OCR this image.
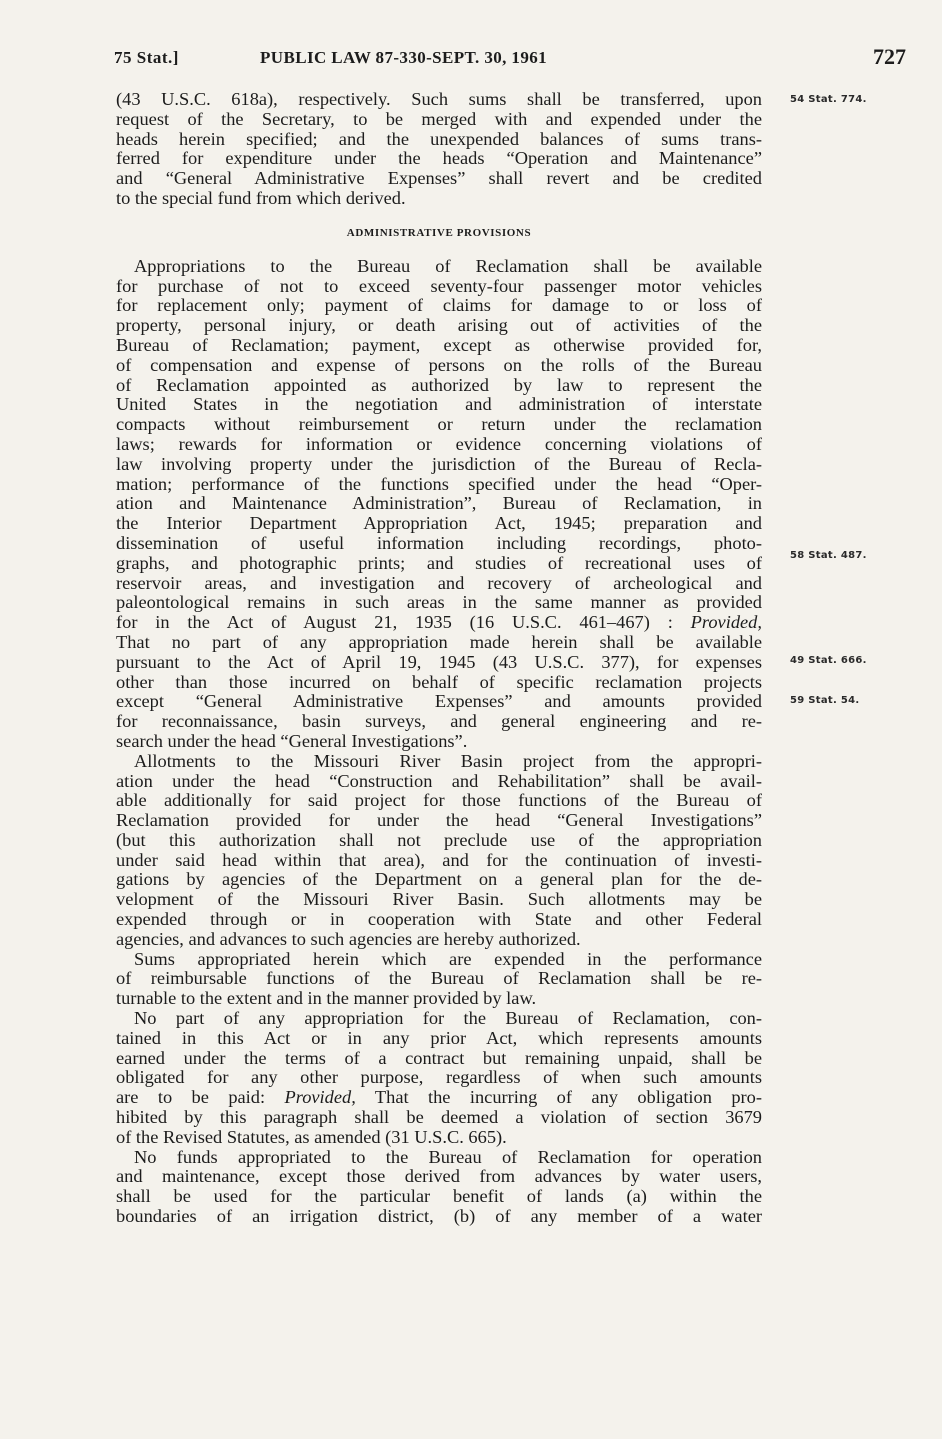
75 Stat.]	PUBLIC LAW 87-330-SEPT. 30, 1961	727
(43 U.S.C. 618a), respectively. Such sums shall be transferred, upon
request of the Secretary, to be merged with and expended under the
heads herein specified; and the unexpended balances of sums trans-
ferred for expenditure under the heads “Operation and Maintenance”
and “General Administrative Expenses” shall revert and be credited
to the special fund from which derived.
ADMINISTRATIVE PROVISIONS
Appropriations to the Bureau of Reclamation shall be available
for purchase of not to exceed seventy-four passenger motor vehicles
for replacement only; payment of claims for damage to or loss of
property, personal injury, or death arising out of activities of the
Bureau of Reclamation; payment, except as otherwise provided for,
of compensation and expense of persons on the rolls of the Bureau
of Reclamation appointed as authorized by law to represent the
United States in the negotiation and administration of interstate
compacts without reimbursement or return under the reclamation
laws; rewards for information or evidence concerning violations of
law involving property under the jurisdiction of the Bureau of Recla-
mation; performance of the functions specified under the head “Oper-
ation and Maintenance Administration”, Bureau of Reclamation, in
the Interior Department Appropriation Act, 1945; preparation and
dissemination of useful information including recordings, photo-
graphs, and photographic prints; and studies of recreational uses of
reservoir areas, and investigation and recovery of archeological and
paleontological remains in such areas in the same manner as provided
for in the Act of August 21, 1935 (16 U.S.C. 461–467) : Provided,
That no part of any appropriation made herein shall be available
pursuant to the Act of April 19, 1945 (43 U.S.C. 377), for expenses
other than those incurred on behalf of specific reclamation projects
except “General Administrative Expenses” and amounts provided
for reconnaissance, basin surveys, and general engineering and re-
search under the head “General Investigations”.
Allotments to the Missouri River Basin project from the appropri-
ation under the head “Construction and Rehabilitation” shall be avail-
able additionally for said project for those functions of the Bureau of
Reclamation provided for under the head “General Investigations”
(but this authorization shall not preclude use of the appropriation
under said head within that area), and for the continuation of investi-
gations by agencies of the Department on a general plan for the de-
velopment of the Missouri River Basin. Such allotments may be
expended through or in cooperation with State and other Federal
agencies, and advances to such agencies are hereby authorized.
Sums appropriated herein which are expended in the performance
of reimbursable functions of the Bureau of Reclamation shall be re-
turnable to the extent and in the manner provided by law.
No part of any appropriation for the Bureau of Reclamation, con-
tained in this Act or in any prior Act, which represents amounts
earned under the terms of a contract but remaining unpaid, shall be
obligated for any other purpose, regardless of when such amounts
are to be paid: Provided, That the incurring of any obligation pro-
hibited by this paragraph shall be deemed a violation of section 3679
of the Revised Statutes, as amended (31 U.S.C. 665).
No funds appropriated to the Bureau of Reclamation for operation
and maintenance, except those derived from advances by water users,
shall be used for the particular benefit of lands (a) within the
boundaries of an irrigation district, (b) of any member of a water
54 Stat. 774.
58 Stat. 487.
49 Stat. 666.
59 Stat. 54.
